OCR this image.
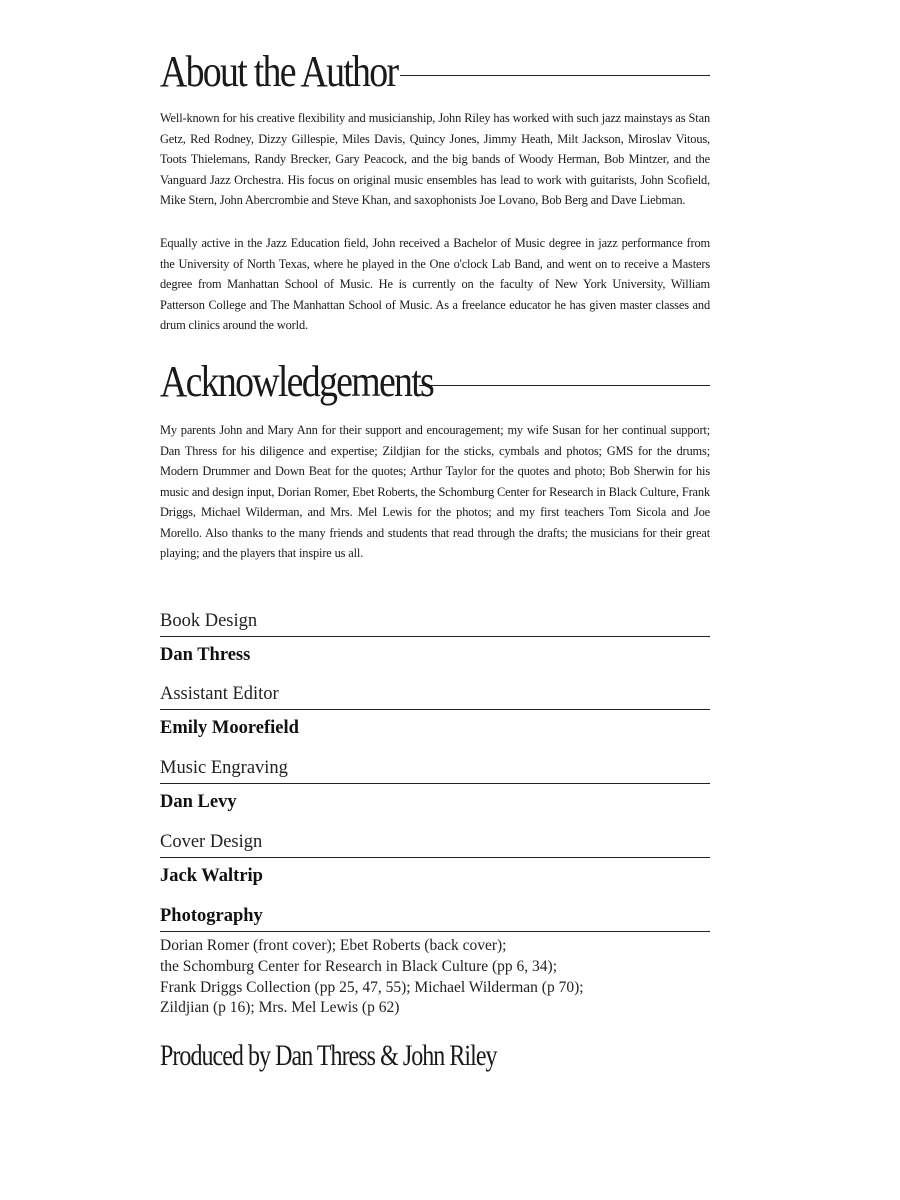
About the Author

Well-known for his creative flexibility and musicianship, John Riley has worked with such jazz mainstays as Stan Getz, Red Rodney, Dizzy Gillespie, Miles Davis, Quincy Jones, Jimmy Heath, Milt Jackson, Miroslav Vitous, Toots Thielemans, Randy Brecker, Gary Peacock, and the big bands of Woody Herman, Bob Mintzer, and the Vanguard Jazz Orchestra. His focus on original music ensembles has lead to work with guitarists, John Scofield, Mike Stern, John Abercrombie and Steve Khan, and saxophonists Joe Lovano, Bob Berg and Dave Liebman.

Equally active in the Jazz Education field, John received a Bachelor of Music degree in jazz performance from the University of North Texas, where he played in the One o'clock Lab Band, and went on to receive a Masters degree from Manhattan School of Music. He is currently on the faculty of New York University, William Patterson College and The Manhattan School of Music. As a freelance educator he has given master classes and drum clinics around the world.

Acknowledgements

My parents John and Mary Ann for their support and encouragement; my wife Susan for her continual support; Dan Thress for his diligence and expertise; Zildjian for the sticks, cymbals and photos; GMS for the drums; Modern Drummer and Down Beat for the quotes; Arthur Taylor for the quotes and photo; Bob Sherwin for his music and design input, Dorian Romer, Ebet Roberts, the Schomburg Center for Research in Black Culture, Frank Driggs, Michael Wilderman, and Mrs. Mel Lewis for the photos; and my first teachers Tom Sicola and Joe Morello. Also thanks to the many friends and students that read through the drafts; the musicians for their great playing; and the players that inspire us all.

Book Design
Dan Thress
Assistant Editor
Emily Moorefield
Music Engraving
Dan Levy
Cover Design
Jack Waltrip
Photography
Dorian Romer (front cover); Ebet Roberts (back cover);
the Schomburg Center for Research in Black Culture (pp 6, 34);
Frank Driggs Collection (pp 25, 47, 55); Michael Wilderman (p 70);
Zildjian (p 16); Mrs. Mel Lewis (p 62)
Produced by Dan Thress & John Riley
